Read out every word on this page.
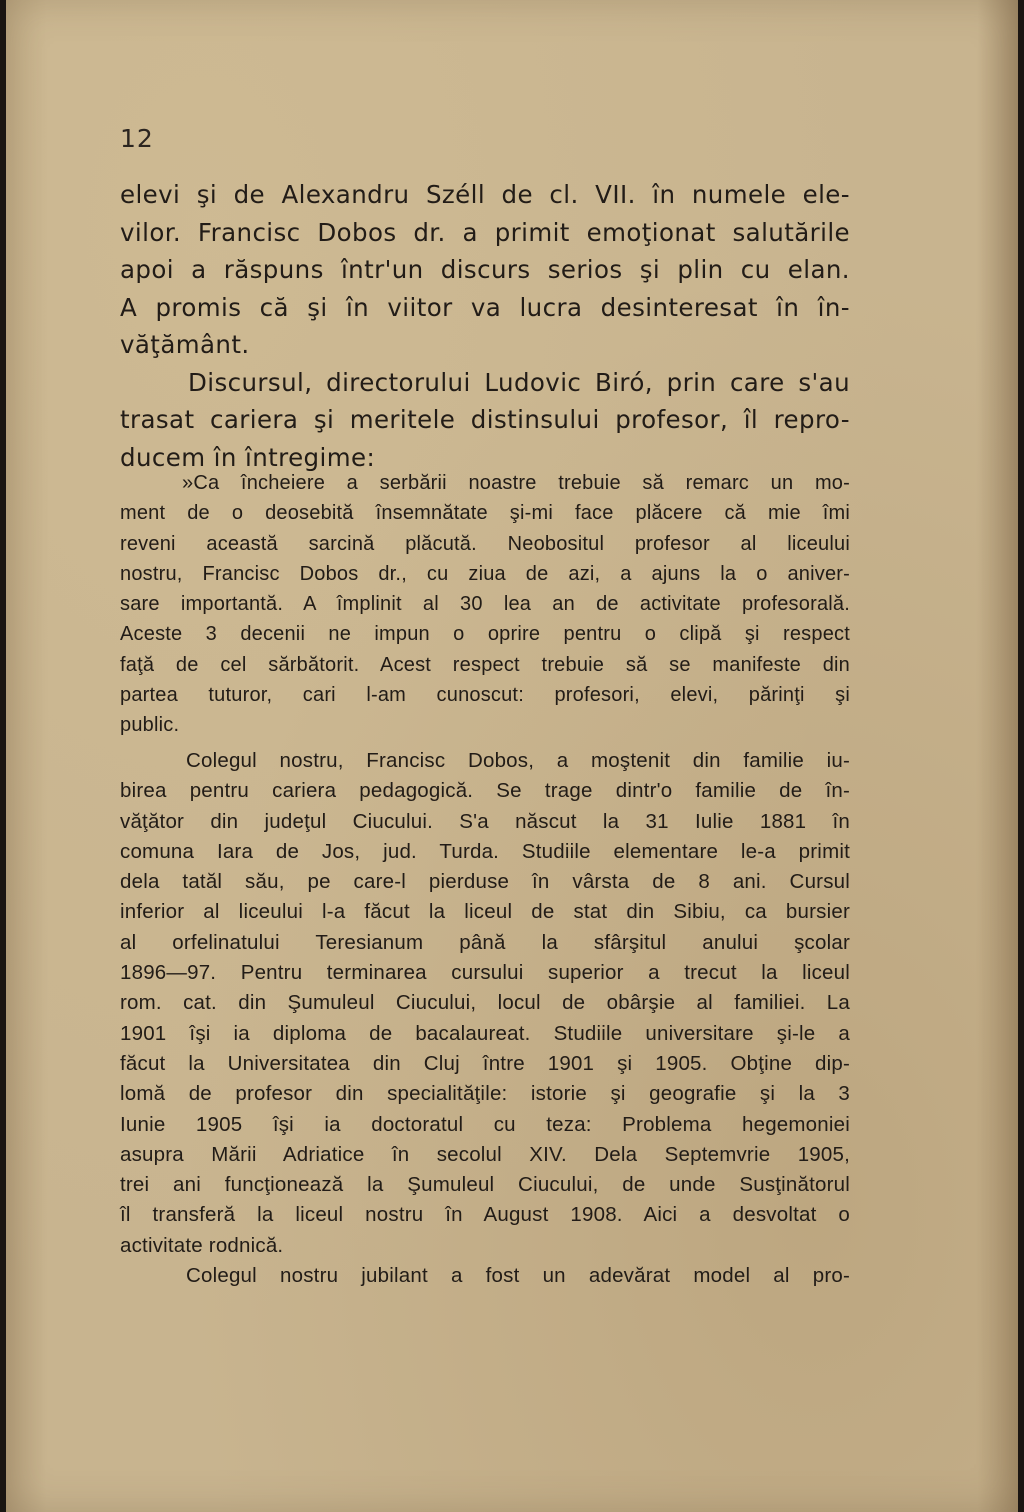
12
elevi şi de Alexandru Széll de cl. VII. în numele ele-
vilor. Francisc Dobos dr. a primit emoţionat salutările
apoi a răspuns într'un discurs serios şi plin cu elan.
A promis că şi în viitor va lucra desinteresat în în-
văţământ.
Discursul, directorului Ludovic Biró, prin care s'au
trasat cariera şi meritele distinsului profesor, îl repro-
ducem în întregime:
»Ca încheiere a serbării noastre trebuie să remarc un mo-
ment de o deosebită însemnătate şi-mi face plăcere că mie îmi
reveni această sarcină plăcută. Neobositul profesor al liceului
nostru, Francisc Dobos dr., cu ziua de azi, a ajuns la o aniver-
sare importantă. A împlinit al 30 lea an de activitate profesorală.
Aceste 3 decenii ne impun o oprire pentru o clipă şi respect
faţă de cel sărbătorit. Acest respect trebuie să se manifeste din
partea tuturor, cari l-am cunoscut: profesori, elevi, părinţi şi
public.
Colegul nostru, Francisc Dobos, a moştenit din familie iu-
birea pentru cariera pedagogică. Se trage dintr'o familie de în-
văţător din judeţul Ciucului. S'a născut la 31 Iulie 1881 în
comuna Iara de Jos, jud. Turda. Studiile elementare le-a primit
dela tatăl său, pe care-l pierduse în vârsta de 8 ani. Cursul
inferior al liceului l-a făcut la liceul de stat din Sibiu, ca bursier
al orfelinatului Teresianum până la sfârşitul anului şcolar
1896—97. Pentru terminarea cursului superior a trecut la liceul
rom. cat. din Şumuleul Ciucului, locul de obârşie al familiei. La
1901 îşi ia diploma de bacalaureat. Studiile universitare şi-le a
făcut la Universitatea din Cluj între 1901 şi 1905. Obţine dip-
lomă de profesor din specialităţile: istorie şi geografie şi la 3
Iunie 1905 îşi ia doctoratul cu teza: Problema hegemoniei
asupra Mării Adriatice în secolul XIV. Dela Septemvrie 1905,
trei ani funcţionează la Şumuleul Ciucului, de unde Susţinătorul
îl transferă la liceul nostru în August 1908. Aici a desvoltat o
activitate rodnică.
Colegul nostru jubilant a fost un adevărat model al pro-
